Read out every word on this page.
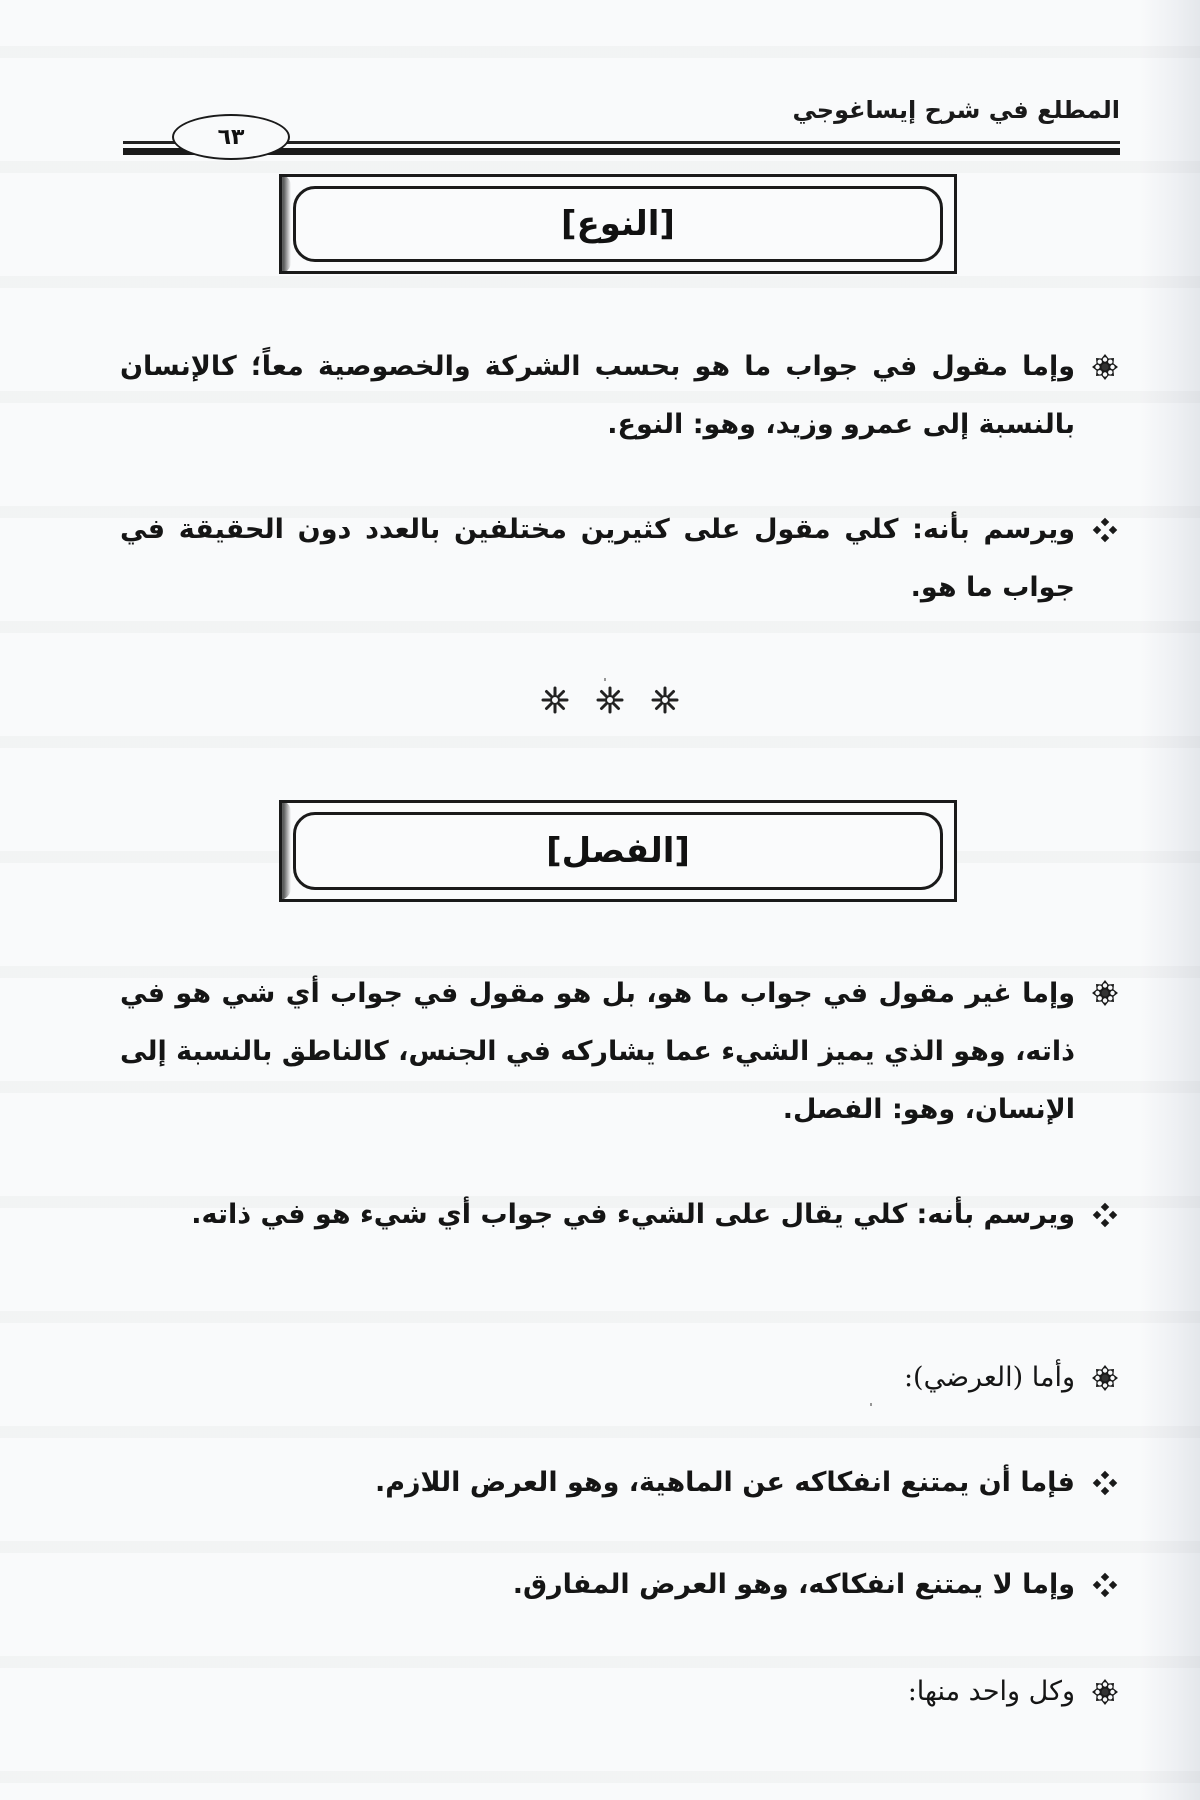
المطلع في شرح إيساغوجي
٦٣
[النوع]
وإما مقول في جواب ما هو بحسب الشركة والخصوصية معاً؛ كالإنسان بالنسبة إلى عمرو وزيد، وهو: النوع.
ويرسم بأنه: كلي مقول على كثيرين مختلفين بالعدد دون الحقيقة في جواب ما هو.
[الفصل]
وإما غير مقول في جواب ما هو، بل هو مقول في جواب أي شي هو في ذاته، وهو الذي يميز الشيء عما يشاركه في الجنس، كالناطق بالنسبة إلى الإنسان، وهو: الفصل.
ويرسم بأنه: كلي يقال على الشيء في جواب أي شيء هو في ذاته.
وأما (العرضي):
فإما أن يمتنع انفكاكه عن الماهية، وهو العرض اللازم.
وإما لا يمتنع انفكاكه، وهو العرض المفارق.
وكل واحد منها:
